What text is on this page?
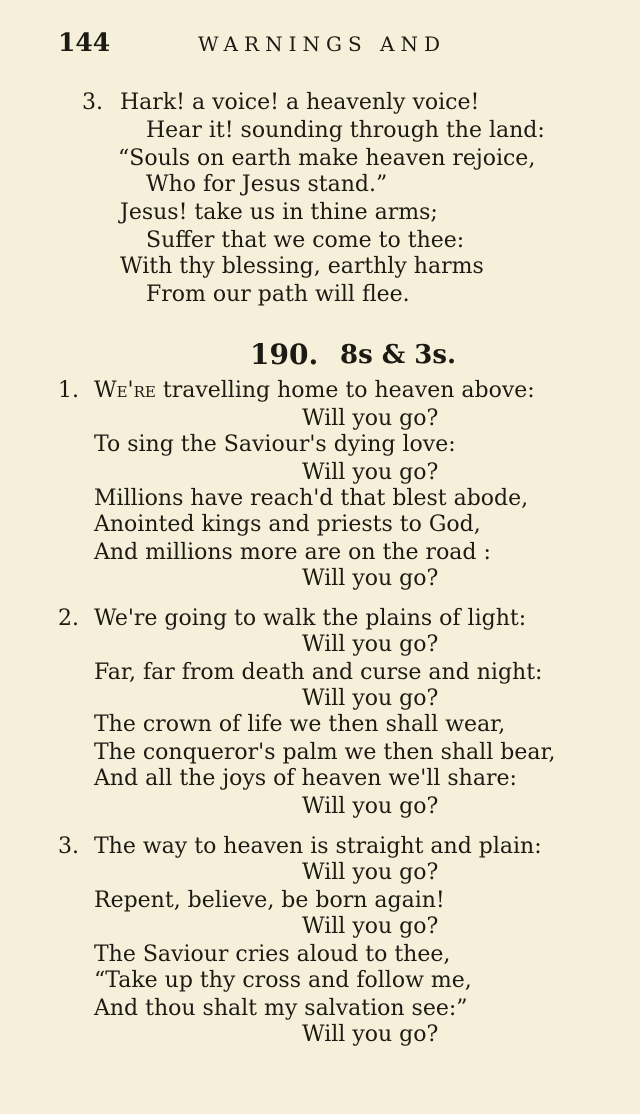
144	WARNINGS AND
3. Hark! a voice! a heavenly voice!
Hear it! sounding through the land:
“Souls on earth make heaven rejoice,
Who for Jesus stand.”
Jesus! take us in thine arms;
Suffer that we come to thee:
With thy blessing, earthly harms
From our path will flee.
190. 8s & 3s.
1. We're travelling home to heaven above:
Will you go?
To sing the Saviour's dying love:
Will you go?
Millions have reach'd that blest abode,
Anointed kings and priests to God,
And millions more are on the road :
Will you go?
2. We're going to walk the plains of light:
Will you go?
Far, far from death and curse and night:
Will you go?
The crown of life we then shall wear,
The conqueror's palm we then shall bear,
And all the joys of heaven we'll share:
Will you go?
3. The way to heaven is straight and plain:
Will you go?
Repent, believe, be born again!
Will you go?
The Saviour cries aloud to thee,
“Take up thy cross and follow me,
And thou shalt my salvation see:”
Will you go?
